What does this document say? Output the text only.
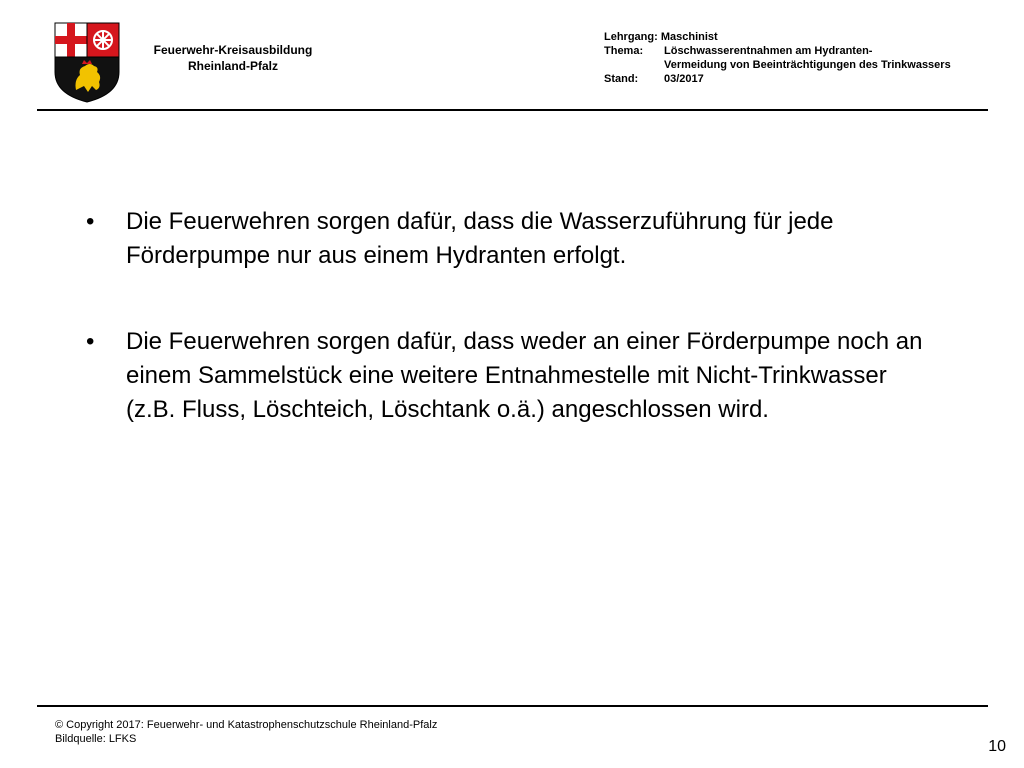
Feuerwehr-Kreisausbildung
Rheinland-Pfalz
Lehrgang:
Maschinist
Thema:	Löschwasserentnahmen am Hydranten-
Vermeidung von Beeinträchtigungen des Trinkwassers
Stand:	03/2017
•	Die Feuerwehren sorgen dafür, dass die Wasserzuführung für jede Förderpumpe nur aus einem Hydranten erfolgt.
•	Die Feuerwehren sorgen dafür, dass weder an einer Förderpumpe noch an einem Sammelstück eine weitere Entnahmestelle mit Nicht-Trinkwasser (z.B. Fluss, Löschteich, Löschtank o.ä.) angeschlossen wird.
© Copyright 2017: Feuerwehr- und Katastrophenschutzschule Rheinland-Pfalz
Bildquelle: LFKS	10
